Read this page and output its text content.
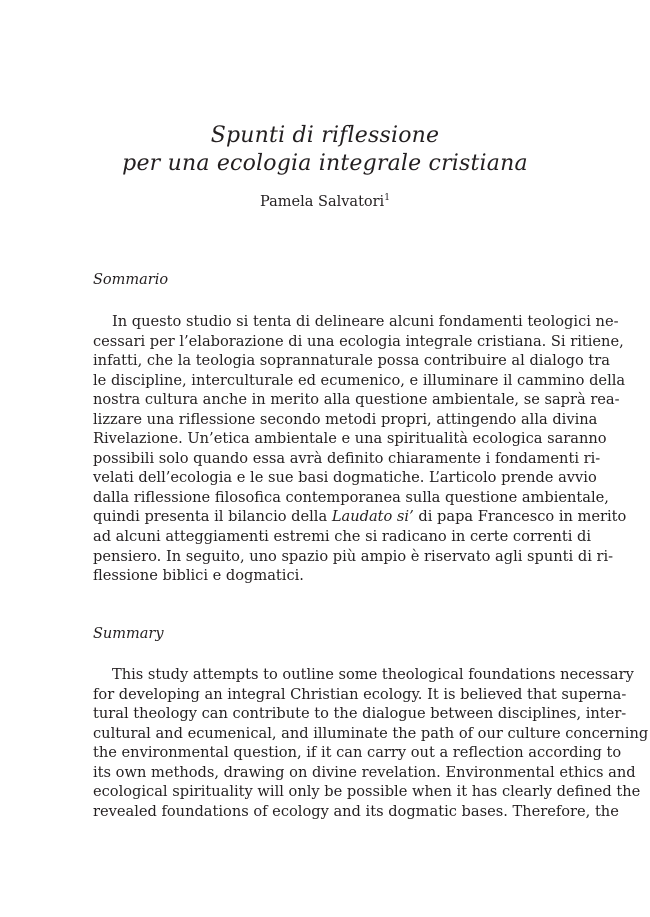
Spunti di riflessione
per una ecologia integrale cristiana
Pamela Salvatori$^1$
Sommario
In questo studio si tenta di delineare alcuni fondamenti teologici ne-
cessari per l’elaborazione di una ecologia integrale cristiana. Si ritiene,
infatti, che la teologia soprannaturale possa contribuire al dialogo tra
le discipline, interculturale ed ecumenico, e illuminare il cammino della
nostra cultura anche in merito alla questione ambientale, se saprà rea-
lizzare una riflessione secondo metodi propri, attingendo alla divina
Rivelazione. Un’etica ambientale e una spiritualità ecologica saranno
possibili solo quando essa avrà definito chiaramente i fondamenti ri-
velati dell’ecologia e le sue basi dogmatiche. L’articolo prende avvio
dalla riflessione filosofica contemporanea sulla questione ambientale,
quindi presenta il bilancio della Laudato si’ di papa Francesco in merito
ad alcuni atteggiamenti estremi che si radicano in certe correnti di
pensiero. In seguito, uno spazio più ampio è riservato agli spunti di ri-
flessione biblici e dogmatici.
Summary
This study attempts to outline some theological foundations necessary
for developing an integral Christian ecology. It is believed that superna-
tural theology can contribute to the dialogue between disciplines, inter-
cultural and ecumenical, and illuminate the path of our culture concerning
the environmental question, if it can carry out a reflection according to
its own methods, drawing on divine revelation. Environmental ethics and
ecological spirituality will only be possible when it has clearly defined the
revealed foundations of ecology and its dogmatic bases. Therefore, the
